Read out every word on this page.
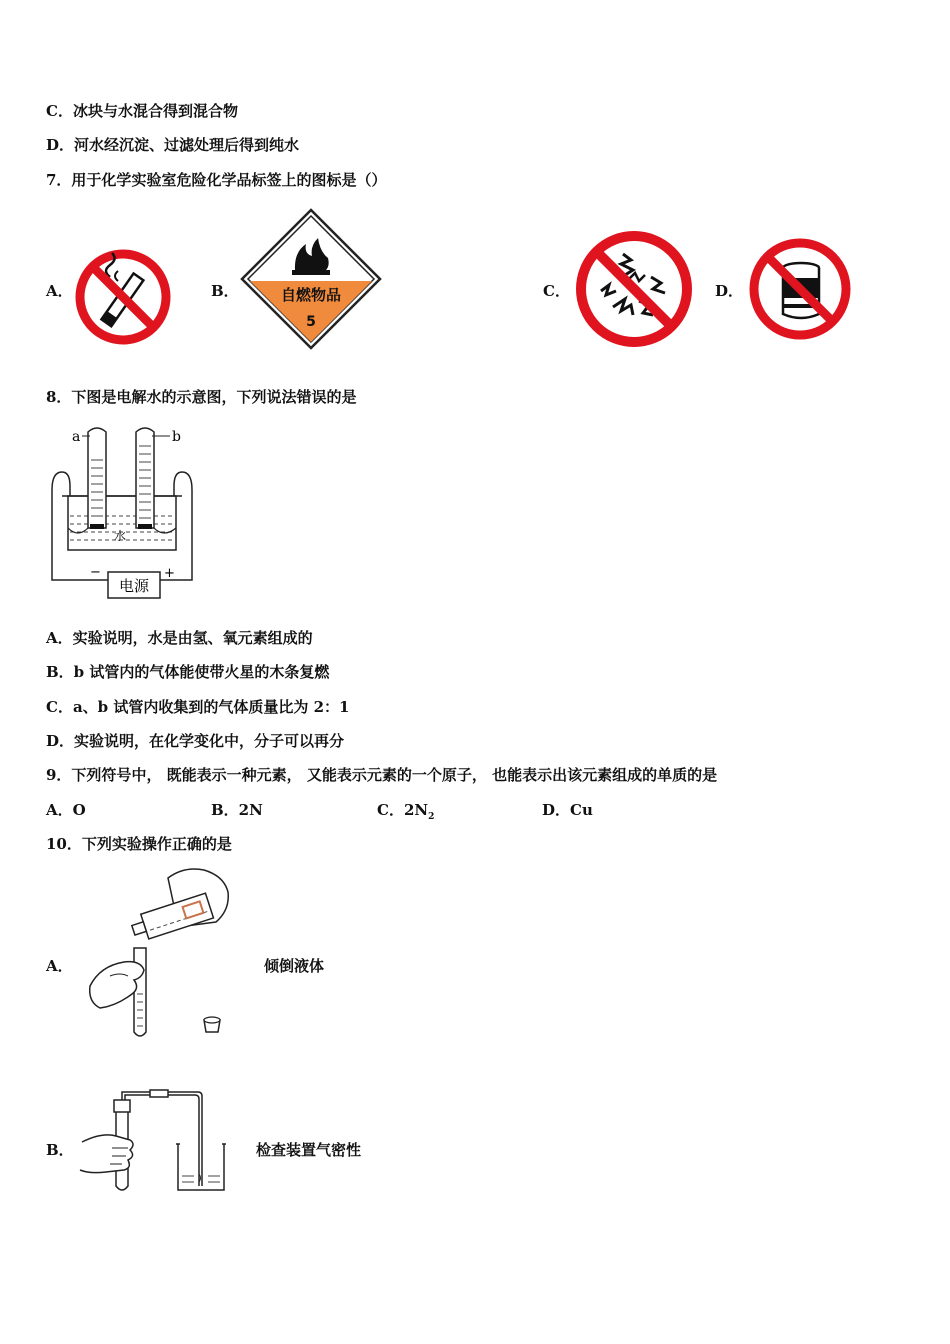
C．冰块与水混合得到混合物
D．河水经沉淀、过滤处理后得到纯水
7．用于化学实验室危险化学品标签上的图标是（）
A．	B．	自燃物品
5
C．	D．
8．下图是电解水的示意图，下列说法错误的是
a	b
水
电源
−	+
A．实验说明，水是由氢、氧元素组成的
B．b 试管内的气体能使带火星的木条复燃
C．a、b 试管内收集到的气体质量比为 2：1
D．实验说明，在化学变化中，分子可以再分
9．下列符号中， 既能表示一种元素， 又能表示元素的一个原子， 也能表示出该元素组成的单质的是
A．O	B．2N	C．$2N_2$	D．Cu
10．下列实验操作正确的是
A．	倾倒液体
B．	检查装置气密性
